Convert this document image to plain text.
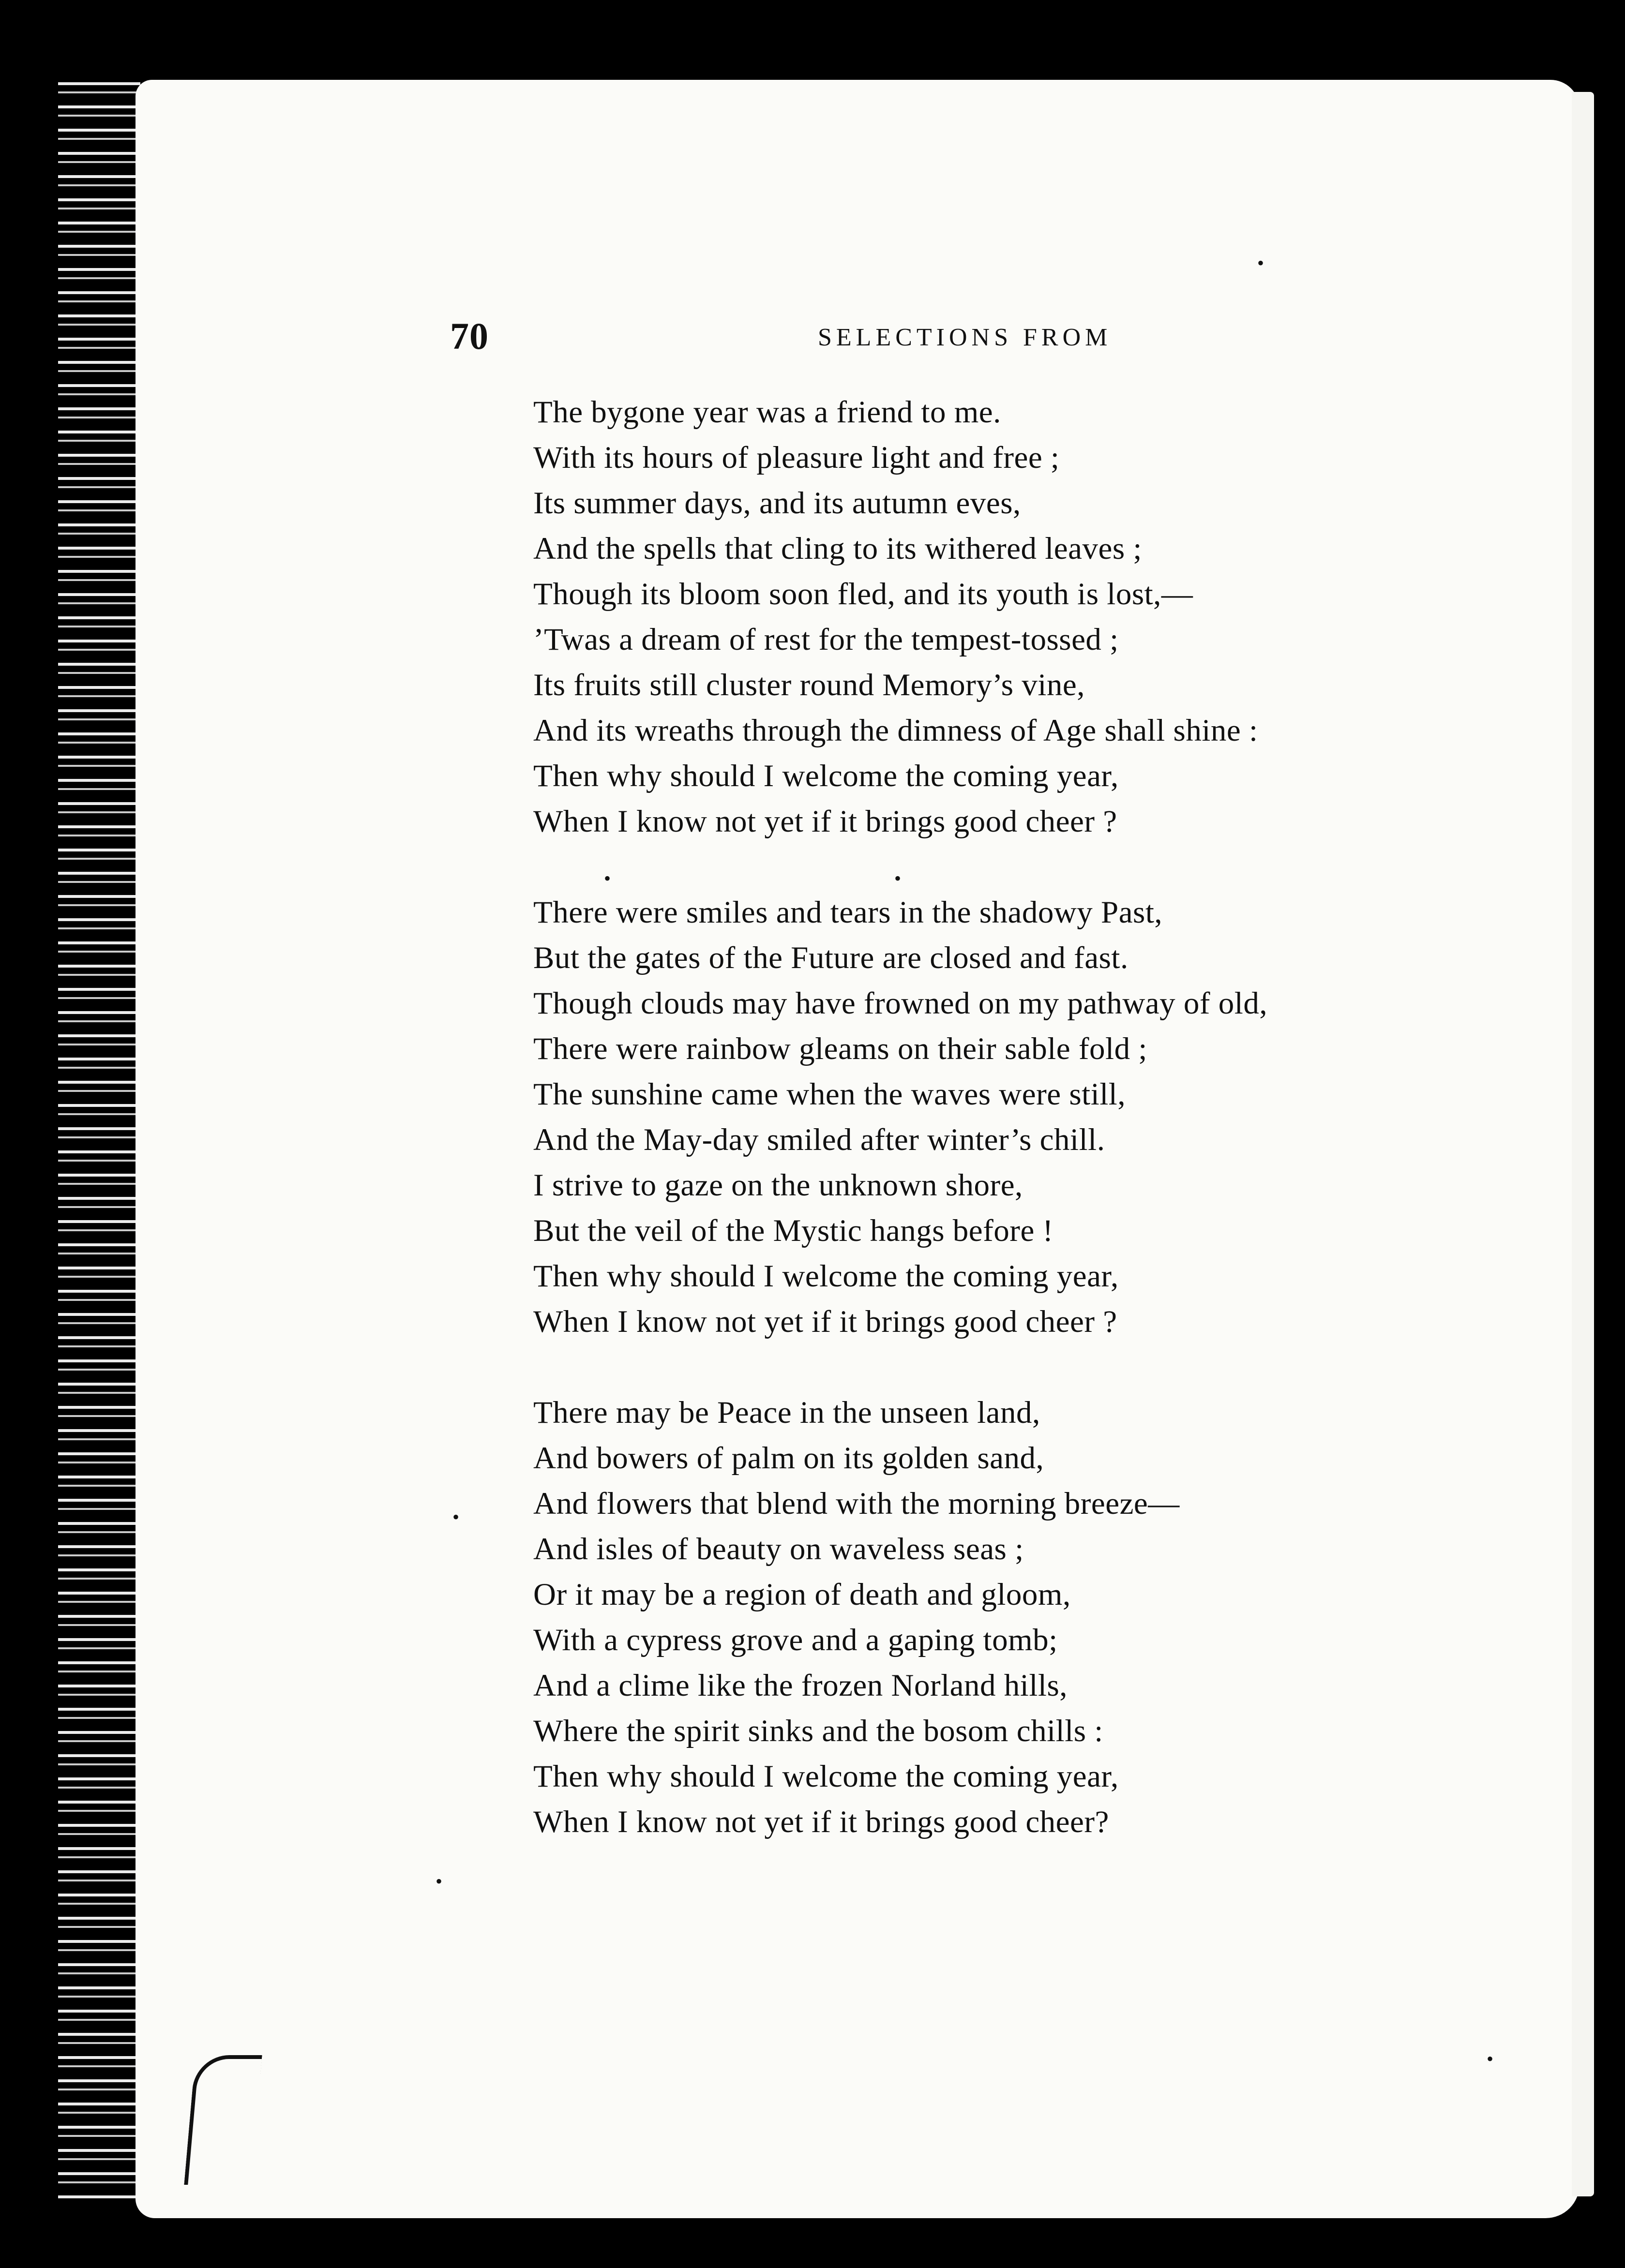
70	SELECTIONS FROM
The bygone year was a friend to me.
With its hours of pleasure light and free ;
Its summer days, and its autumn eves,
And the spells that cling to its withered leaves ;
Though its bloom soon fled, and its youth is lost,—
’Twas a dream of rest for the tempest-tossed ;
Its fruits still cluster round Memory’s vine,
And its wreaths through the dimness of Age shall shine :
Then why should I welcome the coming year,
When I know not yet if it brings good cheer ?
There were smiles and tears in the shadowy Past,
But the gates of the Future are closed and fast.
Though clouds may have frowned on my pathway of old,
There were rainbow gleams on their sable fold ;
The sunshine came when the waves were still,
And the May-day smiled after winter’s chill.
I strive to gaze on the unknown shore,
But the veil of the Mystic hangs before !
Then why should I welcome the coming year,
When I know not yet if it brings good cheer ?
There may be Peace in the unseen land,
And bowers of palm on its golden sand,
And flowers that blend with the morning breeze—
And isles of beauty on waveless seas ;
Or it may be a region of death and gloom,
With a cypress grove and a gaping tomb;
And a clime like the frozen Norland hills,
Where the spirit sinks and the bosom chills :
Then why should I welcome the coming year,
When I know not yet if it brings good cheer?
•
•	•
•
•
•
